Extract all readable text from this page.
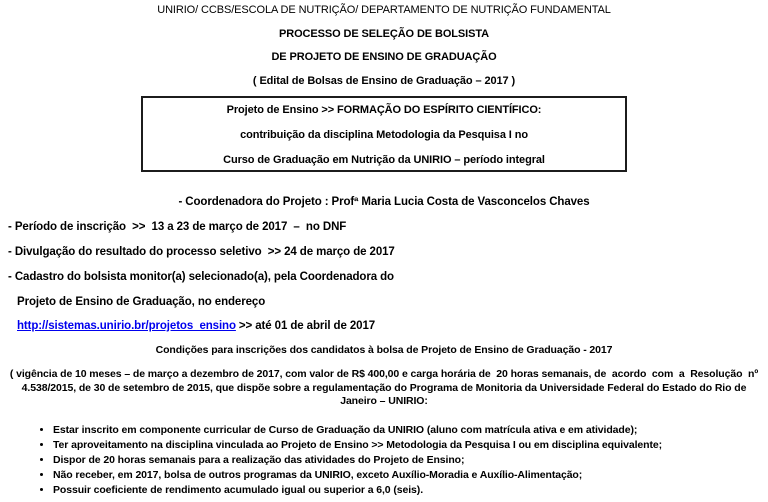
UNIRIO/ CCBS/ESCOLA DE NUTRIÇÃO/ DEPARTAMENTO DE NUTRIÇÃO FUNDAMENTAL
PROCESSO DE SELEÇÃO DE BOLSISTA
DE PROJETO DE ENSINO DE GRADUAÇÃO
( Edital de Bolsas de Ensino de Graduação – 2017 )
Projeto de Ensino >> FORMAÇÃO DO ESPÍRITO CIENTÍFICO:
contribuição da disciplina Metodologia da Pesquisa I no
Curso de Graduação em Nutrição da UNIRIO – período integral
- Coordenadora do Projeto : Profª Maria Lucia Costa de Vasconcelos Chaves
- Período de inscrição  >>  13 a 23 de março de 2017  –  no DNF
- Divulgação do resultado do processo seletivo  >> 24 de março de 2017
- Cadastro do bolsista monitor(a) selecionado(a), pela Coordenadora do
Projeto de Ensino de Graduação, no endereço
http://sistemas.unirio.br/projetos_ensino >> até 01 de abril de 2017
Condições para inscrições dos candidatos à bolsa de Projeto de Ensino de Graduação - 2017
( vigência de 10 meses – de março a dezembro de 2017, com valor de R$ 400,00 e carga horária de  20 horas semanais, de  acordo  com  a  Resolução  nº
4.538/2015, de 30 de setembro de 2015, que dispõe sobre a regulamentação do Programa de Monitoria da Universidade Federal do Estado do Rio de
Janeiro – UNIRIO:
• Estar inscrito em componente curricular de Curso de Graduação da UNIRIO (aluno com matrícula ativa e em atividade);
• Ter aproveitamento na disciplina vinculada ao Projeto de Ensino >> Metodologia da Pesquisa I ou em disciplina equivalente;
• Dispor de 20 horas semanais para a realização das atividades do Projeto de Ensino;
• Não receber, em 2017, bolsa de outros programas da UNIRIO, exceto Auxílio-Moradia e Auxílio-Alimentação;
• Possuir coeficiente de rendimento acumulado igual ou superior a 6,0 (seis).
